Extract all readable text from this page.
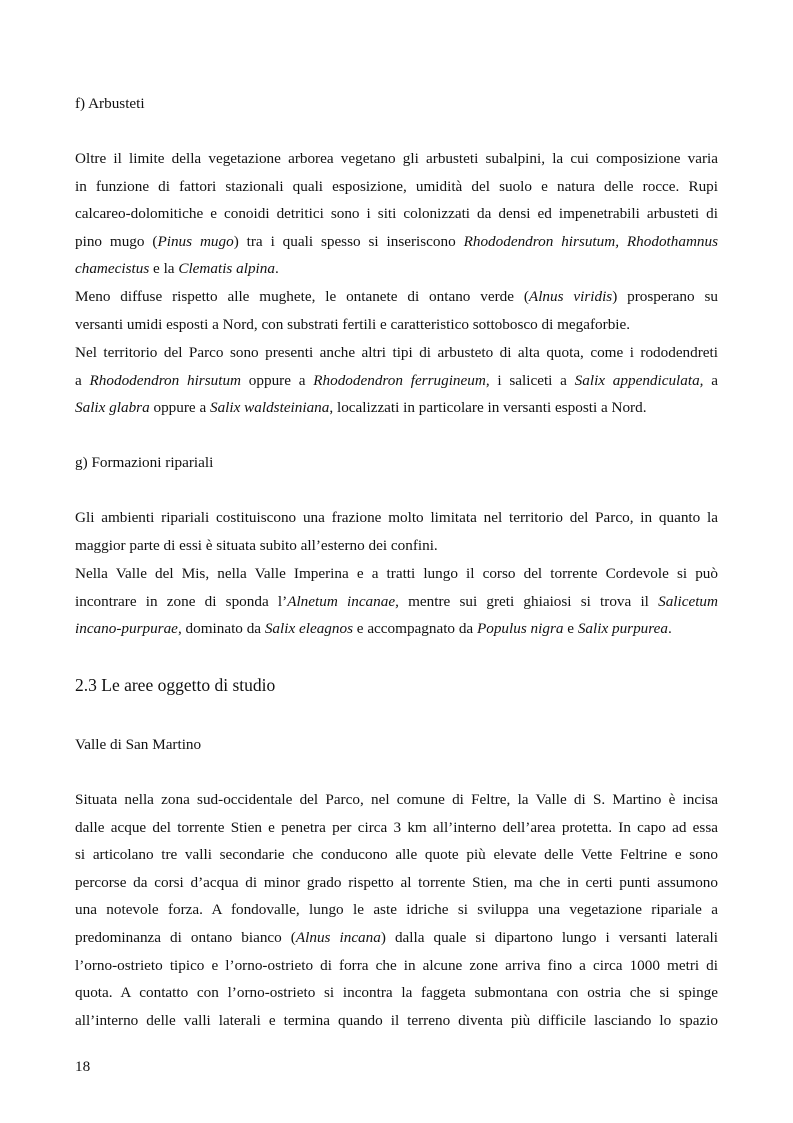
f) Arbusteti
Oltre il limite della vegetazione arborea vegetano gli arbusteti subalpini, la cui composizione varia
in funzione di fattori stazionali quali esposizione, umidità del suolo e natura delle rocce. Rupi
calcareo-dolomitiche e conoidi detritici sono i siti colonizzati da densi ed impenetrabili arbusteti di
pino mugo (Pinus mugo) tra i quali spesso si inseriscono Rhododendron hirsutum, Rhodothamnus
chamecistus e la Clematis alpina.
Meno diffuse rispetto alle mughete, le ontanete di ontano verde (Alnus viridis) prosperano su
versanti umidi esposti a Nord, con substrati fertili e caratteristico sottobosco di megaforbie.
Nel territorio del Parco sono presenti anche altri tipi di arbusteto di alta quota, come i rododendreti
a Rhododendron hirsutum oppure a Rhododendron ferrugineum, i saliceti a Salix appendiculata, a
Salix glabra oppure a Salix waldsteiniana, localizzati in particolare in versanti esposti a Nord.
g) Formazioni ripariali
Gli ambienti ripariali costituiscono una frazione molto limitata nel territorio del Parco, in quanto la
maggior parte di essi è situata subito all’esterno dei confini.
Nella Valle del Mis, nella Valle Imperina e a tratti lungo il corso del torrente Cordevole si può
incontrare in zone di sponda l’Alnetum incanae, mentre sui greti ghiaiosi si trova il Salicetum
incano-purpurae, dominato da Salix eleagnos e accompagnato da Populus nigra e Salix purpurea.
2.3 Le aree oggetto di studio
Valle di San Martino
Situata nella zona sud-occidentale del Parco, nel comune di Feltre, la Valle di S. Martino è incisa
dalle acque del torrente Stien e penetra per circa 3 km all’interno dell’area protetta. In capo ad essa
si articolano tre valli secondarie che conducono alle quote più elevate delle Vette Feltrine e sono
percorse da corsi d’acqua di minor grado rispetto al torrente Stien, ma che in certi punti assumono
una notevole forza. A fondovalle, lungo le aste idriche si sviluppa una vegetazione ripariale a
predominanza di ontano bianco (Alnus incana) dalla quale si dipartono lungo i versanti laterali
l’orno-ostrieto tipico e l’orno-ostrieto di forra che in alcune zone arriva fino a circa 1000 metri di
quota. A contatto con l’orno-ostrieto si incontra la faggeta submontana con ostria che si spinge
all’interno delle valli laterali e termina quando il terreno diventa più difficile lasciando lo spazio
18
